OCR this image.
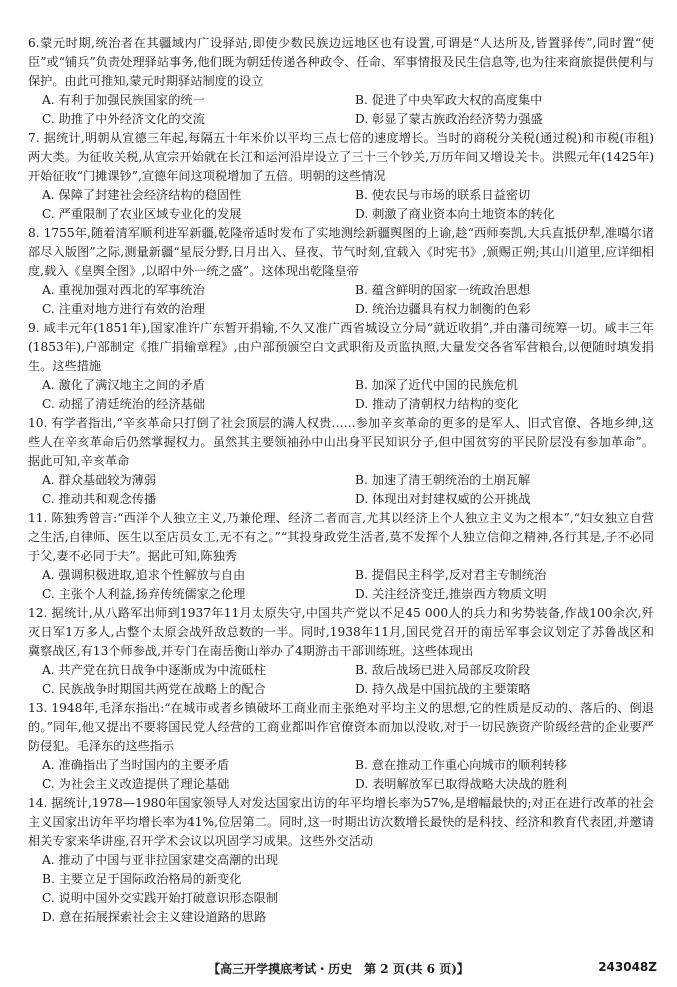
6.蒙元时期,统治者在其疆域内广设驿站,即使少数民族边远地区也有设置,可谓是“人达所及,皆置驿传”,同时置“使臣”或“铺兵”负责处理驿站事务,他们既为朝廷传递各种政令、任命、军事情报及民生信息等,也为往来商旅提供便利与保护。由此可推知,蒙元时期驿站制度的设立

A. 有利于加强民族国家的统一	B. 促进了中央军政大权的高度集中
C. 助推了中外经济文化的交流	D. 彰显了蒙古族政治经济势力强盛

7. 据统计,明朝从宣德三年起,每隔五十年米价以平均三点七倍的速度增长。当时的商税分关税(通过税)和市税(市租)两大类。为征收关税,从宣宗开始就在长江和运河沿岸设立了三十三个钞关,万历年间又增设关卡。洪熙元年(1425年)开始征收“门摊课钞”,宣德年间这项税增加了五倍。明朝的这些情况

A. 保障了封建社会经济结构的稳固性	B. 使农民与市场的联系日益密切
C. 严重限制了农业区域专业化的发展	D. 刺激了商业资本向土地资本的转化

8. 1755年,随着清军顺利进军新疆,乾隆帝适时发布了实地测绘新疆舆图的上谕,趁“西师奏凯,大兵直抵伊犁,准噶尔诸部尽入版图”之际,测量新疆“星辰分野,日月出入、昼夜、节气时刻,宜载入《时宪书》,颁赐正朔;其山川道里,应详细相度,载入《皇舆全图》,以昭中外一统之盛”。这体现出乾隆皇帝

A. 重视加强对西北的军事统治	B. 蕴含鲜明的国家一统政治思想
C. 注重对地方进行有效的治理	D. 统治边疆具有权力制衡的色彩

9. 咸丰元年(1851年),国家准许广东暂开捐输,不久又准广西省城设立分局“就近收捐”,并由藩司统筹一切。咸丰三年(1853年),户部制定《推广捐输章程》,由户部预颁空白文武职衔及贡监执照,大量发交各省军营粮台,以便随时填发捐生。这些措施

A. 激化了满汉地主之间的矛盾	B. 加深了近代中国的民族危机
C. 动摇了清廷统治的经济基础	D. 推动了清朝权力结构的变化

10. 有学者指出,“辛亥革命只打倒了社会顶层的满人权贵……参加辛亥革命的更多的是军人、旧式官僚、各地乡绅,这些人在辛亥革命后仍然掌握权力。虽然其主要领袖孙中山出身平民知识分子,但中国贫穷的平民阶层没有参加革命”。据此可知,辛亥革命

A. 群众基础较为薄弱	B. 加速了清王朝统治的土崩瓦解
C. 推动共和观念传播	D. 体现出对封建权威的公开挑战

11. 陈独秀曾言:“西洋个人独立主义,乃兼伦理、经济二者而言,尤其以经济上个人独立主义为之根本”,“妇女独立自营之生活,自律师、医生以至店员女工,无不有之。”“其投身政党生活者,莫不发挥个人独立信仰之精神,各行其是,子不必同于父,妻不必同于夫”。据此可知,陈独秀

A. 强调积极进取,追求个性解放与自由	B. 提倡民主科学,反对君主专制统治
C. 主张个人利益,扬弃传统儒家之伦理	D. 关注经济变迁,推崇西方物质文明

12. 据统计,从八路军出师到1937年11月太原失守,中国共产党以不足45 000人的兵力和劣势装备,作战100余次,歼灭日军1万多人,占整个太原会战歼敌总数的一半。同时,1938年11月,国民党召开的南岳军事会议划定了苏鲁战区和冀察战区,有13个师参战,并专门在南岳衡山举办了4期游击干部训练班。这些体现出

A. 共产党在抗日战争中逐渐成为中流砥柱	B. 敌后战场已进入局部反攻阶段
C. 民族战争时期国共两党在战略上的配合	D. 持久战是中国抗战的主要策略

13. 1948年,毛泽东指出:“在城市或者乡镇破坏工商业而主张绝对平均主义的思想,它的性质是反动的、落后的、倒退的。”同年,他又提出不要将国民党人经营的工商业都叫作官僚资本而加以没收,对于一切民族资产阶级经营的企业要严防侵犯。毛泽东的这些指示

A. 准确指出了当时国内的主要矛盾	B. 意在推动工作重心向城市的顺利转移
C. 为社会主义改造提供了理论基础	D. 表明解放军已取得战略大决战的胜利

14. 据统计,1978—1980年国家领导人对发达国家出访的年平均增长率为57%,是増幅最快的;对正在进行改革的社会主义国家出访年平均增长率为41%,位居第二。同时,这一时期出访次数增长最快的是科技、经济和教育代表团,并邀请相关专家来华讲座,召开学术会议以巩固学习成果。这些外交活动

A. 推动了中国与亚非拉国家建交高潮的出现
B. 主要立足于国际政治格局的新变化
C. 说明中国外交实践开始打破意识形态限制
D. 意在拓展探索社会主义建设道路的思路
【高三开学摸底考试・历史　第 2 页(共 6 页)】	243048Z
